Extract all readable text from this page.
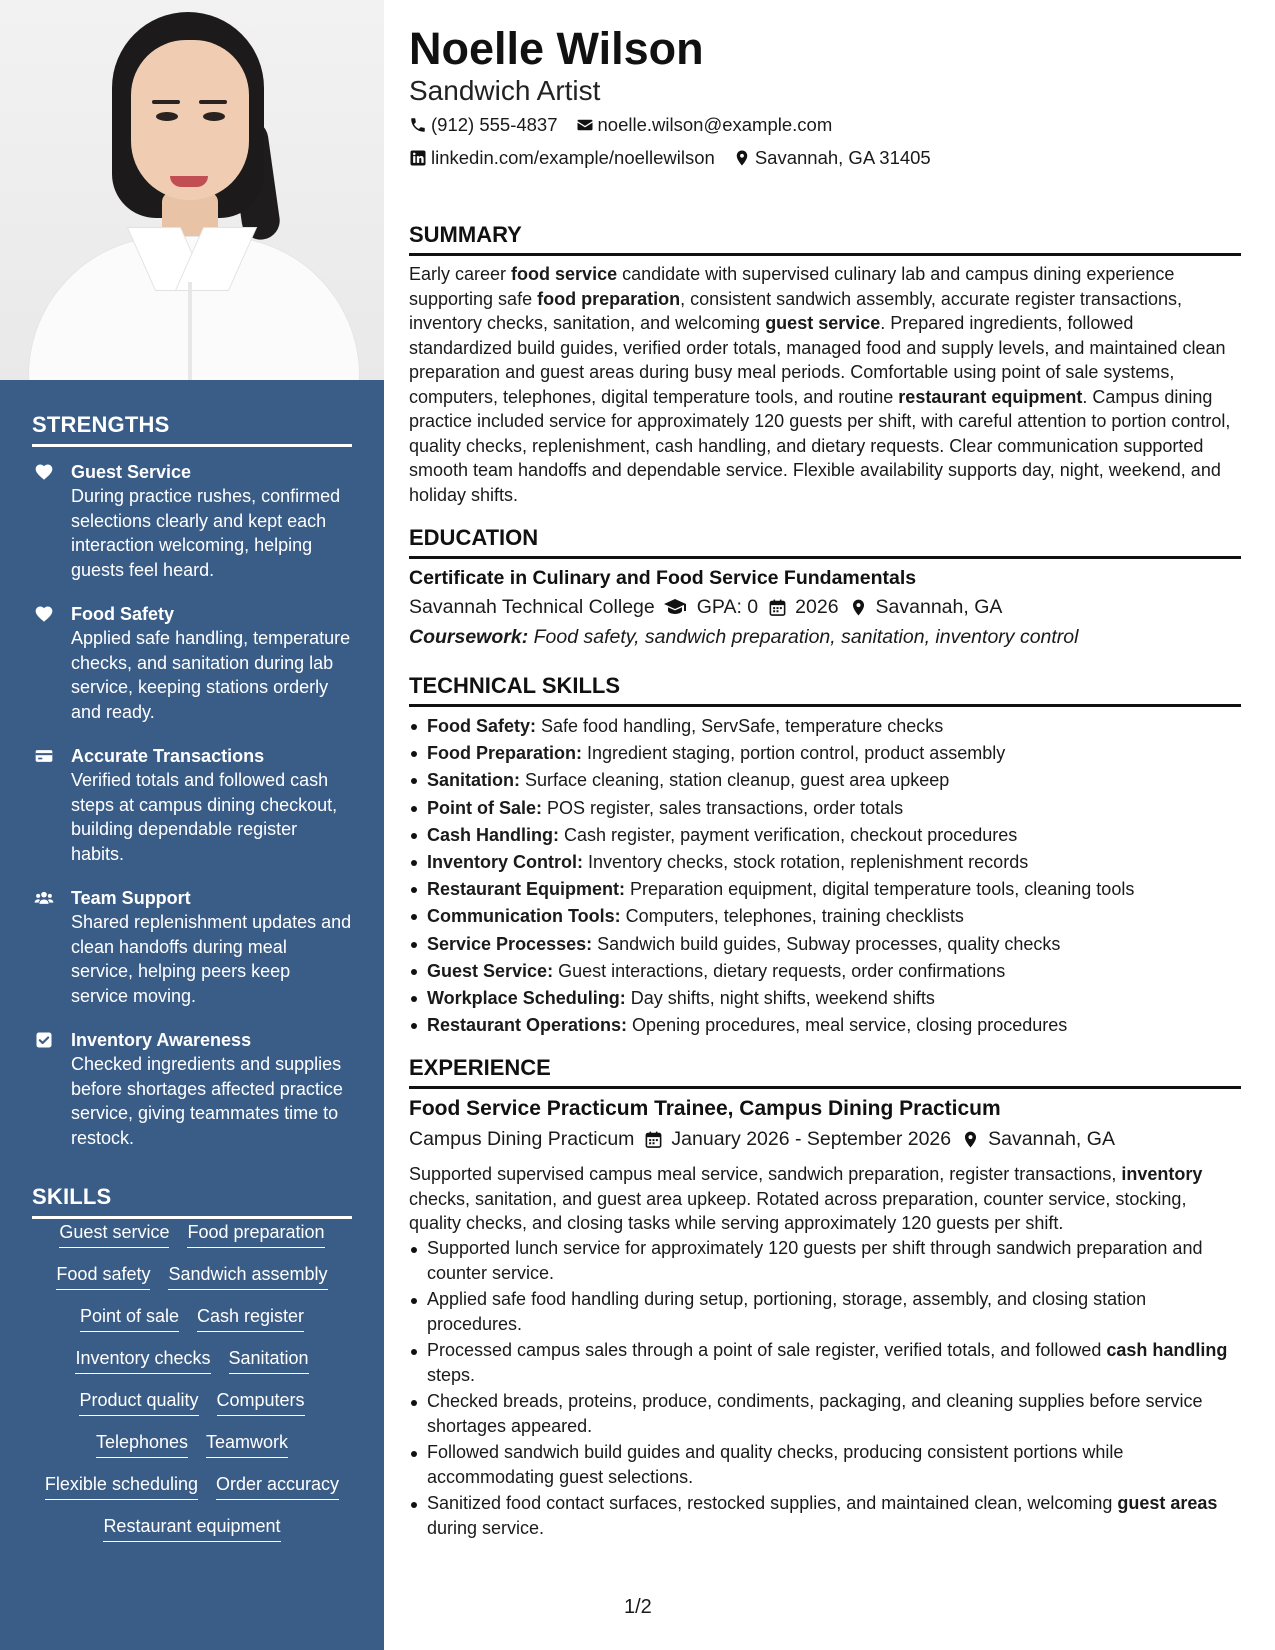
STRENGTHS
Guest Service
During practice rushes, confirmed selections clearly and kept each interaction welcoming, helping guests feel heard.
Food Safety
Applied safe handling, temperature checks, and sanitation during lab service, keeping stations orderly and ready.
Accurate Transactions
Verified totals and followed cash steps at campus dining checkout, building dependable register habits.
Team Support
Shared replenishment updates and clean handoffs during meal service, helping peers keep service moving.
Inventory Awareness
Checked ingredients and supplies before shortages affected practice service, giving teammates time to restock.
SKILLS
Guest service Food preparation
Food safety Sandwich assembly
Point of sale Cash register
Inventory checks Sanitation
Product quality Computers
Telephones Teamwork
Flexible scheduling Order accuracy
Restaurant equipment
Noelle Wilson
Sandwich Artist
(912) 555-4837 noelle.wilson@example.com
linkedin.com/example/noellewilson Savannah, GA 31405
SUMMARY
Early career food service candidate with supervised culinary lab and campus dining experience supporting safe food preparation, consistent sandwich assembly, accurate register transactions, inventory checks, sanitation, and welcoming guest service. Prepared ingredients, followed standardized build guides, verified order totals, managed food and supply levels, and maintained clean preparation and guest areas during busy meal periods. Comfortable using point of sale systems, computers, telephones, digital temperature tools, and routine restaurant equipment. Campus dining practice included service for approximately 120 guests per shift, with careful attention to portion control, quality checks, replenishment, cash handling, and dietary requests. Clear communication supported smooth team handoffs and dependable service. Flexible availability supports day, night, weekend, and holiday shifts.
EDUCATION
Certificate in Culinary and Food Service Fundamentals
Savannah Technical College GPA: 0 2026 Savannah, GA
Coursework: Food safety, sandwich preparation, sanitation, inventory control
TECHNICAL SKILLS
Food Safety: Safe food handling, ServSafe, temperature checks
Food Preparation: Ingredient staging, portion control, product assembly
Sanitation: Surface cleaning, station cleanup, guest area upkeep
Point of Sale: POS register, sales transactions, order totals
Cash Handling: Cash register, payment verification, checkout procedures
Inventory Control: Inventory checks, stock rotation, replenishment records
Restaurant Equipment: Preparation equipment, digital temperature tools, cleaning tools
Communication Tools: Computers, telephones, training checklists
Service Processes: Sandwich build guides, Subway processes, quality checks
Guest Service: Guest interactions, dietary requests, order confirmations
Workplace Scheduling: Day shifts, night shifts, weekend shifts
Restaurant Operations: Opening procedures, meal service, closing procedures
EXPERIENCE
Food Service Practicum Trainee, Campus Dining Practicum
Campus Dining Practicum January 2026 - September 2026 Savannah, GA
Supported supervised campus meal service, sandwich preparation, register transactions, inventory checks, sanitation, and guest area upkeep. Rotated across preparation, counter service, stocking, quality checks, and closing tasks while serving approximately 120 guests per shift.
Supported lunch service for approximately 120 guests per shift through sandwich preparation and counter service.
Applied safe food handling during setup, portioning, storage, assembly, and closing station procedures.
Processed campus sales through a point of sale register, verified totals, and followed cash handling steps.
Checked breads, proteins, produce, condiments, packaging, and cleaning supplies before service shortages appeared.
Followed sandwich build guides and quality checks, producing consistent portions while accommodating guest selections.
Sanitized food contact surfaces, restocked supplies, and maintained clean, welcoming guest areas during service.
1/2
